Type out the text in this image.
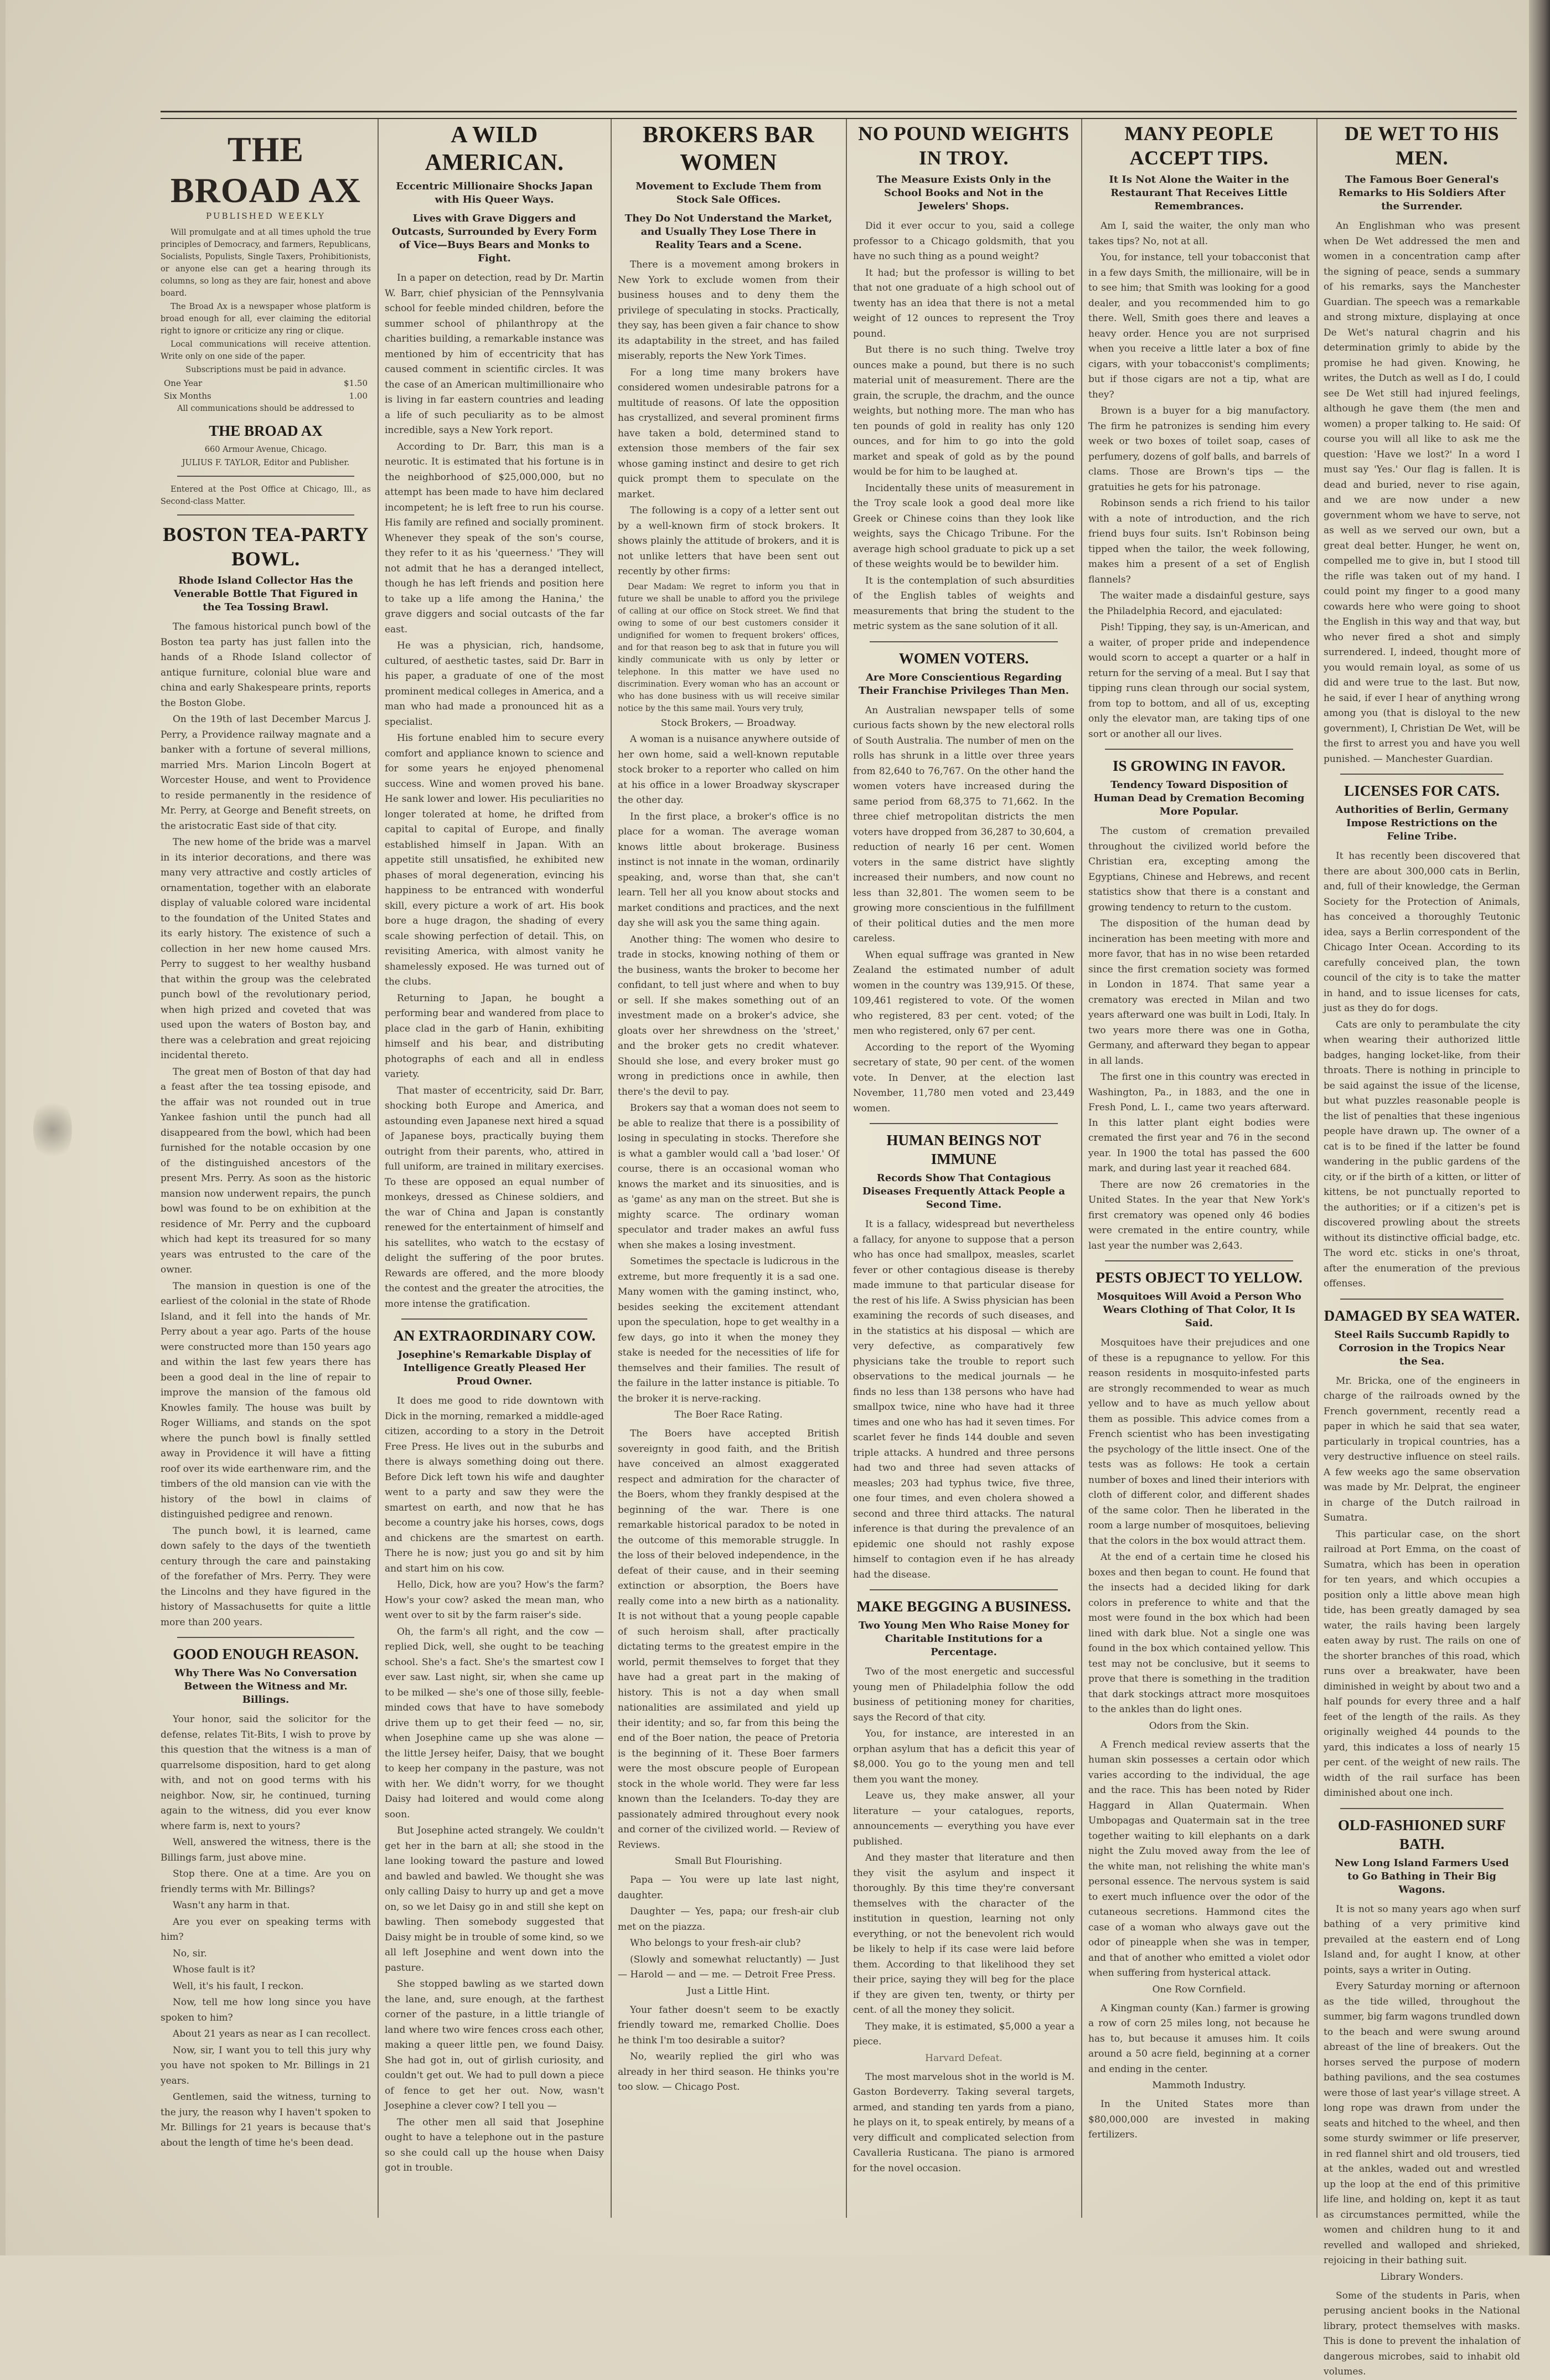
THE BROAD AX
PUBLISHED WEEKLY

Will promulgate and at all times uphold the true principles of Democracy, and farmers, Republicans, Socialists, Populists, Single Taxers, Prohibitionists, or anyone else can get a hearing through its columns, so long as they are fair, honest and above board.

The Broad Ax is a newspaper whose platform is broad enough for all, ever claiming the editorial right to ignore or criticize any ring or clique.

Local communications will receive attention. Write only on one side of the paper.

Subscriptions must be paid in advance.

One Year	$1.50
Six Months	1.00

All communications should be addressed to

THE BROAD AX

660 Armour Avenue, Chicago.

JULIUS F. TAYLOR, Editor and Publisher.

Entered at the Post Office at Chicago, Ill., as Second-class Matter.

BOSTON TEA-PARTY BOWL.
Rhode Island Collector Has the Venerable Bottle That Figured in the Tea Tossing Brawl.

The famous historical punch bowl of the Boston tea party has just fallen into the hands of a Rhode Island collector of antique furniture, colonial blue ware and china and early Shakespeare prints, reports the Boston Globe.

On the 19th of last December Marcus J. Perry, a Providence railway magnate and a banker with a fortune of several millions, married Mrs. Marion Lincoln Bogert at Worcester House, and went to Providence to reside permanently in the residence of Mr. Perry, at George and Benefit streets, on the aristocratic East side of that city.

The new home of the bride was a marvel in its interior decorations, and there was many very attractive and costly articles of ornamentation, together with an elaborate display of valuable colored ware incidental to the foundation of the United States and its early history. The existence of such a collection in her new home caused Mrs. Perry to suggest to her wealthy husband that within the group was the celebrated punch bowl of the revolutionary period, when high prized and coveted that was used upon the waters of Boston bay, and there was a celebration and great rejoicing incidental thereto.

The great men of Boston of that day had a feast after the tea tossing episode, and the affair was not rounded out in true Yankee fashion until the punch had all disappeared from the bowl, which had been furnished for the notable occasion by one of the distinguished ancestors of the present Mrs. Perry. As soon as the historic mansion now underwent repairs, the punch bowl was found to be on exhibition at the residence of Mr. Perry and the cupboard which had kept its treasured for so many years was entrusted to the care of the owner.

The mansion in question is one of the earliest of the colonial in the state of Rhode Island, and it fell into the hands of Mr. Perry about a year ago. Parts of the house were constructed more than 150 years ago and within the last few years there has been a good deal in the line of repair to improve the mansion of the famous old Knowles family. The house was built by Roger Williams, and stands on the spot where the punch bowl is finally settled away in Providence it will have a fitting roof over its wide earthenware rim, and the timbers of the old mansion can vie with the history of the bowl in claims of distinguished pedigree and renown.

The punch bowl, it is learned, came down safely to the days of the twentieth century through the care and painstaking of the forefather of Mrs. Perry. They were the Lincolns and they have figured in the history of Massachusetts for quite a little more than 200 years.

GOOD ENOUGH REASON.
Why There Was No Conversation Between the Witness and Mr. Billings.

Your honor, said the solicitor for the defense, relates Tit-Bits, I wish to prove by this question that the witness is a man of quarrelsome disposition, hard to get along with, and not on good terms with his neighbor. Now, sir, he continued, turning again to the witness, did you ever know where farm is, next to yours?

Well, answered the witness, there is the Billings farm, just above mine.

Stop there. One at a time. Are you on friendly terms with Mr. Billings?

Wasn't any harm in that.

Are you ever on speaking terms with him?

No, sir.

Whose fault is it?

Well, it's his fault, I reckon.

Now, tell me how long since you have spoken to him?

About 21 years as near as I can recollect.

Now, sir, I want you to tell this jury why you have not spoken to Mr. Billings in 21 years.

Gentlemen, said the witness, turning to the jury, the reason why I haven't spoken to Mr. Billings for 21 years is because that's about the length of time he's been dead.

A WILD AMERICAN.
Eccentric Millionaire Shocks Japan with His Queer Ways.
Lives with Grave Diggers and Outcasts, Surrounded by Every Form of Vice—Buys Bears and Monks to Fight.

In a paper on detection, read by Dr. Martin W. Barr, chief physician of the Pennsylvania school for feeble minded children, before the summer school of philanthropy at the charities building, a remarkable instance was mentioned by him of eccentricity that has caused comment in scientific circles. It was the case of an American multimillionaire who is living in far eastern countries and leading a life of such peculiarity as to be almost incredible, says a New York report.

According to Dr. Barr, this man is a neurotic. It is estimated that his fortune is in the neighborhood of $25,000,000, but no attempt has been made to have him declared incompetent; he is left free to run his course. His family are refined and socially prominent. Whenever they speak of the son's course, they refer to it as his 'queerness.' 'They will not admit that he has a deranged intellect, though he has left friends and position here to take up a life among the Hanina,' the grave diggers and social outcasts of the far east.

He was a physician, rich, handsome, cultured, of aesthetic tastes, said Dr. Barr in his paper, a graduate of one of the most prominent medical colleges in America, and a man who had made a pronounced hit as a specialist.

His fortune enabled him to secure every comfort and appliance known to science and for some years he enjoyed phenomenal success. Wine and women proved his bane. He sank lower and lower. His peculiarities no longer tolerated at home, he drifted from capital to capital of Europe, and finally established himself in Japan. With an appetite still unsatisfied, he exhibited new phases of moral degeneration, evincing his happiness to be entranced with wonderful skill, every picture a work of art. His book bore a huge dragon, the shading of every scale showing perfection of detail. This, on revisiting America, with almost vanity he shamelessly exposed. He was turned out of the clubs.

Returning to Japan, he bought a performing bear and wandered from place to place clad in the garb of Hanin, exhibiting himself and his bear, and distributing photographs of each and all in endless variety.

That master of eccentricity, said Dr. Barr, shocking both Europe and America, and astounding even Japanese next hired a squad of Japanese boys, practically buying them outright from their parents, who, attired in full uniform, are trained in military exercises. To these are opposed an equal number of monkeys, dressed as Chinese soldiers, and the war of China and Japan is constantly renewed for the entertainment of himself and his satellites, who watch to the ecstasy of delight the suffering of the poor brutes. Rewards are offered, and the more bloody the contest and the greater the atrocities, the more intense the gratification.

AN EXTRAORDINARY COW.
Josephine's Remarkable Display of Intelligence Greatly Pleased Her Proud Owner.

It does me good to ride downtown with Dick in the morning, remarked a middle-aged citizen, according to a story in the Detroit Free Press. He lives out in the suburbs and there is always something doing out there. Before Dick left town his wife and daughter went to a party and saw they were the smartest on earth, and now that he has become a country jake his horses, cows, dogs and chickens are the smartest on earth. There he is now; just you go and sit by him and start him on his cow.

Hello, Dick, how are you? How's the farm? How's your cow? asked the mean man, who went over to sit by the farm raiser's side.

Oh, the farm's all right, and the cow — replied Dick, well, she ought to be teaching school. She's a fact. She's the smartest cow I ever saw. Last night, sir, when she came up to be milked — she's one of those silly, feeble-minded cows that have to have somebody drive them up to get their feed — no, sir, when Josephine came up she was alone — the little Jersey heifer, Daisy, that we bought to keep her company in the pasture, was not with her. We didn't worry, for we thought Daisy had loitered and would come along soon.

But Josephine acted strangely. We couldn't get her in the barn at all; she stood in the lane looking toward the pasture and lowed and bawled and bawled. We thought she was only calling Daisy to hurry up and get a move on, so we let Daisy go in and still she kept on bawling. Then somebody suggested that Daisy might be in trouble of some kind, so we all left Josephine and went down into the pasture.

She stopped bawling as we started down the lane, and, sure enough, at the farthest corner of the pasture, in a little triangle of land where two wire fences cross each other, making a queer little pen, we found Daisy. She had got in, out of girlish curiosity, and couldn't get out. We had to pull down a piece of fence to get her out. Now, wasn't Josephine a clever cow? I tell you —

The other men all said that Josephine ought to have a telephone out in the pasture so she could call up the house when Daisy got in trouble.

BROKERS BAR WOMEN
Movement to Exclude Them from Stock Sale Offices.
They Do Not Understand the Market, and Usually They Lose There in Reality Tears and a Scene.

There is a movement among brokers in New York to exclude women from their business houses and to deny them the privilege of speculating in stocks. Practically, they say, has been given a fair chance to show its adaptability in the street, and has failed miserably, reports the New York Times.

For a long time many brokers have considered women undesirable patrons for a multitude of reasons. Of late the opposition has crystallized, and several prominent firms have taken a bold, determined stand to extension those members of the fair sex whose gaming instinct and desire to get rich quick prompt them to speculate on the market.

The following is a copy of a letter sent out by a well-known firm of stock brokers. It shows plainly the attitude of brokers, and it is not unlike letters that have been sent out recently by other firms:

Dear Madam: We regret to inform you that in future we shall be unable to afford you the privilege of calling at our office on Stock street. We find that owing to some of our best customers consider it undignified for women to frequent brokers' offices, and for that reason beg to ask that in future you will kindly communicate with us only by letter or telephone. In this matter we have used no discrimination. Every woman who has an account or who has done business with us will receive similar notice by the this same mail. Yours very truly,

Stock Brokers, — Broadway.

A woman is a nuisance anywhere outside of her own home, said a well-known reputable stock broker to a reporter who called on him at his office in a lower Broadway skyscraper the other day.

In the first place, a broker's office is no place for a woman. The average woman knows little about brokerage. Business instinct is not innate in the woman, ordinarily speaking, and, worse than that, she can't learn. Tell her all you know about stocks and market conditions and practices, and the next day she will ask you the same thing again.

Another thing: The women who desire to trade in stocks, knowing nothing of them or the business, wants the broker to become her confidant, to tell just where and when to buy or sell. If she makes something out of an investment made on a broker's advice, she gloats over her shrewdness on the 'street,' and the broker gets no credit whatever. Should she lose, and every broker must go wrong in predictions once in awhile, then there's the devil to pay.

Brokers say that a woman does not seem to be able to realize that there is a possibility of losing in speculating in stocks. Therefore she is what a gambler would call a 'bad loser.' Of course, there is an occasional woman who knows the market and its sinuosities, and is as 'game' as any man on the street. But she is mighty scarce. The ordinary woman speculator and trader makes an awful fuss when she makes a losing investment.

Sometimes the spectacle is ludicrous in the extreme, but more frequently it is a sad one. Many women with the gaming instinct, who, besides seeking the excitement attendant upon the speculation, hope to get wealthy in a few days, go into it when the money they stake is needed for the necessities of life for themselves and their families. The result of the failure in the latter instance is pitiable. To the broker it is nerve-racking.

The Boer Race Rating.

The Boers have accepted British sovereignty in good faith, and the British have conceived an almost exaggerated respect and admiration for the character of the Boers, whom they frankly despised at the beginning of the war. There is one remarkable historical paradox to be noted in the outcome of this memorable struggle. In the loss of their beloved independence, in the defeat of their cause, and in their seeming extinction or absorption, the Boers have really come into a new birth as a nationality. It is not without that a young people capable of such heroism shall, after practically dictating terms to the greatest empire in the world, permit themselves to forget that they have had a great part in the making of history. This is not a day when small nationalities are assimilated and yield up their identity; and so, far from this being the end of the Boer nation, the peace of Pretoria is the beginning of it. These Boer farmers were the most obscure people of European stock in the whole world. They were far less known than the Icelanders. To-day they are passionately admired throughout every nook and corner of the civilized world. — Review of Reviews.

Small But Flourishing.

Papa — You were up late last night, daughter.

Daughter — Yes, papa; our fresh-air club met on the piazza.

Who belongs to your fresh-air club?

(Slowly and somewhat reluctantly) — Just — Harold — and — me. — Detroit Free Press.

Just a Little Hint.

Your father doesn't seem to be exactly friendly toward me, remarked Chollie. Does he think I'm too desirable a suitor?

No, wearily replied the girl who was already in her third season. He thinks you're too slow. — Chicago Post.

NO POUND WEIGHTS IN TROY.
The Measure Exists Only in the School Books and Not in the Jewelers' Shops.

Did it ever occur to you, said a college professor to a Chicago goldsmith, that you have no such thing as a pound weight?

It had; but the professor is willing to bet that not one graduate of a high school out of twenty has an idea that there is not a metal weight of 12 ounces to represent the Troy pound.

But there is no such thing. Twelve troy ounces make a pound, but there is no such material unit of measurement. There are the grain, the scruple, the drachm, and the ounce weights, but nothing more. The man who has ten pounds of gold in reality has only 120 ounces, and for him to go into the gold market and speak of gold as by the pound would be for him to be laughed at.

Incidentally these units of measurement in the Troy scale look a good deal more like Greek or Chinese coins than they look like weights, says the Chicago Tribune. For the average high school graduate to pick up a set of these weights would be to bewilder him.

It is the contemplation of such absurdities of the English tables of weights and measurements that bring the student to the metric system as the sane solution of it all.

WOMEN VOTERS.
Are More Conscientious Regarding Their Franchise Privileges Than Men.

An Australian newspaper tells of some curious facts shown by the new electoral rolls of South Australia. The number of men on the rolls has shrunk in a little over three years from 82,640 to 76,767. On the other hand the women voters have increased during the same period from 68,375 to 71,662. In the three chief metropolitan districts the men voters have dropped from 36,287 to 30,604, a reduction of nearly 16 per cent. Women voters in the same district have slightly increased their numbers, and now count no less than 32,801. The women seem to be growing more conscientious in the fulfillment of their political duties and the men more careless.

When equal suffrage was granted in New Zealand the estimated number of adult women in the country was 139,915. Of these, 109,461 registered to vote. Of the women who registered, 83 per cent. voted; of the men who registered, only 67 per cent.

According to the report of the Wyoming secretary of state, 90 per cent. of the women vote. In Denver, at the election last November, 11,780 men voted and 23,449 women.

HUMAN BEINGS NOT IMMUNE
Records Show That Contagious Diseases Frequently Attack People a Second Time.

It is a fallacy, widespread but nevertheless a fallacy, for anyone to suppose that a person who has once had smallpox, measles, scarlet fever or other contagious disease is thereby made immune to that particular disease for the rest of his life. A Swiss physician has been examining the records of such diseases, and in the statistics at his disposal — which are very defective, as comparatively few physicians take the trouble to report such observations to the medical journals — he finds no less than 138 persons who have had smallpox twice, nine who have had it three times and one who has had it seven times. For scarlet fever he finds 144 double and seven triple attacks. A hundred and three persons had two and three had seven attacks of measles; 203 had typhus twice, five three, one four times, and even cholera showed a second and three third attacks. The natural inference is that during the prevalence of an epidemic one should not rashly expose himself to contagion even if he has already had the disease.

MAKE BEGGING A BUSINESS.
Two Young Men Who Raise Money for Charitable Institutions for a Percentage.

Two of the most energetic and successful young men of Philadelphia follow the odd business of petitioning money for charities, says the Record of that city.

You, for instance, are interested in an orphan asylum that has a deficit this year of $8,000. You go to the young men and tell them you want the money.

Leave us, they make answer, all your literature — your catalogues, reports, announcements — everything you have ever published.

And they master that literature and then they visit the asylum and inspect it thoroughly. By this time they're conversant themselves with the character of the institution in question, learning not only everything, or not the benevolent rich would be likely to help if its case were laid before them. According to that likelihood they set their price, saying they will beg for the place if they are given ten, twenty, or thirty per cent. of all the money they solicit.

They make, it is estimated, $5,000 a year a piece.

Harvard Defeat.

The most marvelous shot in the world is M. Gaston Bordeverry. Taking several targets, armed, and standing ten yards from a piano, he plays on it, to speak entirely, by means of a very difficult and complicated selection from Cavalleria Rusticana. The piano is armored for the novel occasion.

MANY PEOPLE ACCEPT TIPS.
It Is Not Alone the Waiter in the Restaurant That Receives Little Remembrances.

Am I, said the waiter, the only man who takes tips? No, not at all.

You, for instance, tell your tobacconist that in a few days Smith, the millionaire, will be in to see him; that Smith was looking for a good dealer, and you recommended him to go there. Well, Smith goes there and leaves a heavy order. Hence you are not surprised when you receive a little later a box of fine cigars, with your tobacconist's compliments; but if those cigars are not a tip, what are they?

Brown is a buyer for a big manufactory. The firm he patronizes is sending him every week or two boxes of toilet soap, cases of perfumery, dozens of golf balls, and barrels of clams. Those are Brown's tips — the gratuities he gets for his patronage.

Robinson sends a rich friend to his tailor with a note of introduction, and the rich friend buys four suits. Isn't Robinson being tipped when the tailor, the week following, makes him a present of a set of English flannels?

The waiter made a disdainful gesture, says the Philadelphia Record, and ejaculated:

Pish! Tipping, they say, is un-American, and a waiter, of proper pride and independence would scorn to accept a quarter or a half in return for the serving of a meal. But I say that tipping runs clean through our social system, from top to bottom, and all of us, excepting only the elevator man, are taking tips of one sort or another all our lives.

IS GROWING IN FAVOR.
Tendency Toward Disposition of Human Dead by Cremation Becoming More Popular.

The custom of cremation prevailed throughout the civilized world before the Christian era, excepting among the Egyptians, Chinese and Hebrews, and recent statistics show that there is a constant and growing tendency to return to the custom.

The disposition of the human dead by incineration has been meeting with more and more favor, that has in no wise been retarded since the first cremation society was formed in London in 1874. That same year a crematory was erected in Milan and two years afterward one was built in Lodi, Italy. In two years more there was one in Gotha, Germany, and afterward they began to appear in all lands.

The first one in this country was erected in Washington, Pa., in 1883, and the one in Fresh Pond, L. I., came two years afterward. In this latter plant eight bodies were cremated the first year and 76 in the second year. In 1900 the total has passed the 600 mark, and during last year it reached 684.

There are now 26 crematories in the United States. In the year that New York's first crematory was opened only 46 bodies were cremated in the entire country, while last year the number was 2,643.

PESTS OBJECT TO YELLOW.
Mosquitoes Will Avoid a Person Who Wears Clothing of That Color, It Is Said.

Mosquitoes have their prejudices and one of these is a repugnance to yellow. For this reason residents in mosquito-infested parts are strongly recommended to wear as much yellow and to have as much yellow about them as possible. This advice comes from a French scientist who has been investigating the psychology of the little insect. One of the tests was as follows: He took a certain number of boxes and lined their interiors with cloth of different color, and different shades of the same color. Then he liberated in the room a large number of mosquitoes, believing that the colors in the box would attract them.

At the end of a certain time he closed his boxes and then began to count. He found that the insects had a decided liking for dark colors in preference to white and that the most were found in the box which had been lined with dark blue. Not a single one was found in the box which contained yellow. This test may not be conclusive, but it seems to prove that there is something in the tradition that dark stockings attract more mosquitoes to the ankles than do light ones.

Odors from the Skin.

A French medical review asserts that the human skin possesses a certain odor which varies according to the individual, the age and the race. This has been noted by Rider Haggard in Allan Quatermain. When Umbopagas and Quatermain sat in the tree together waiting to kill elephants on a dark night the Zulu moved away from the lee of the white man, not relishing the white man's personal essence. The nervous system is said to exert much influence over the odor of the cutaneous secretions. Hammond cites the case of a woman who always gave out the odor of pineapple when she was in temper, and that of another who emitted a violet odor when suffering from hysterical attack.

One Row Cornfield.

A Kingman county (Kan.) farmer is growing a row of corn 25 miles long, not because he has to, but because it amuses him. It coils around a 50 acre field, beginning at a corner and ending in the center.

Mammoth Industry.

In the United States more than $80,000,000 are invested in making fertilizers.

DE WET TO HIS MEN.
The Famous Boer General's Remarks to His Soldiers After the Surrender.

An Englishman who was present when De Wet addressed the men and women in a concentration camp after the signing of peace, sends a summary of his remarks, says the Manchester Guardian. The speech was a remarkable and strong mixture, displaying at once De Wet's natural chagrin and his determination grimly to abide by the promise he had given. Knowing, he writes, the Dutch as well as I do, I could see De Wet still had injured feelings, although he gave them (the men and women) a proper talking to. He said: Of course you will all like to ask me the question: 'Have we lost?' In a word I must say 'Yes.' Our flag is fallen. It is dead and buried, never to rise again, and we are now under a new government whom we have to serve, not as well as we served our own, but a great deal better. Hunger, he went on, compelled me to give in, but I stood till the rifle was taken out of my hand. I could point my finger to a good many cowards here who were going to shoot the English in this way and that way, but who never fired a shot and simply surrendered. I, indeed, thought more of you would remain loyal, as some of us did and were true to the last. But now, he said, if ever I hear of anything wrong among you (that is disloyal to the new government), I, Christian De Wet, will be the first to arrest you and have you well punished. — Manchester Guardian.

LICENSES FOR CATS.
Authorities of Berlin, Germany Impose Restrictions on the Feline Tribe.

It has recently been discovered that there are about 300,000 cats in Berlin, and, full of their knowledge, the German Society for the Protection of Animals, has conceived a thoroughly Teutonic idea, says a Berlin correspondent of the Chicago Inter Ocean. According to its carefully conceived plan, the town council of the city is to take the matter in hand, and to issue licenses for cats, just as they do for dogs.

Cats are only to perambulate the city when wearing their authorized little badges, hanging locket-like, from their throats. There is nothing in principle to be said against the issue of the license, but what puzzles reasonable people is the list of penalties that these ingenious people have drawn up. The owner of a cat is to be fined if the latter be found wandering in the public gardens of the city, or if the birth of a kitten, or litter of kittens, be not punctually reported to the authorities; or if a citizen's pet is discovered prowling about the streets without its distinctive official badge, etc. The word etc. sticks in one's throat, after the enumeration of the previous offenses.

DAMAGED BY SEA WATER.
Steel Rails Succumb Rapidly to Corrosion in the Tropics Near the Sea.

Mr. Bricka, one of the engineers in charge of the railroads owned by the French government, recently read a paper in which he said that sea water, particularly in tropical countries, has a very destructive influence on steel rails. A few weeks ago the same observation was made by Mr. Delprat, the engineer in charge of the Dutch railroad in Sumatra.

This particular case, on the short railroad at Port Emma, on the coast of Sumatra, which has been in operation for ten years, and which occupies a position only a little above mean high tide, has been greatly damaged by sea water, the rails having been largely eaten away by rust. The rails on one of the shorter branches of this road, which runs over a breakwater, have been diminished in weight by about two and a half pounds for every three and a half feet of the length of the rails. As they originally weighed 44 pounds to the yard, this indicates a loss of nearly 15 per cent. of the weight of new rails. The width of the rail surface has been diminished about one inch.

OLD-FASHIONED SURF BATH.
New Long Island Farmers Used to Go Bathing in Their Big Wagons.

It is not so many years ago when surf bathing of a very primitive kind prevailed at the eastern end of Long Island and, for aught I know, at other points, says a writer in Outing.

Every Saturday morning or afternoon as the tide willed, throughout the summer, big farm wagons trundled down to the beach and were swung around abreast of the line of breakers. Out the horses served the purpose of modern bathing pavilions, and the sea costumes were those of last year's village street. A long rope was drawn from under the seats and hitched to the wheel, and then some sturdy swimmer or life preserver, in red flannel shirt and old trousers, tied at the ankles, waded out and wrestled up the loop at the end of this primitive life line, and holding on, kept it as taut as circumstances permitted, while the women and children hung to it and revelled and walloped and shrieked, rejoicing in their bathing suit.

Library Wonders.

Some of the students in Paris, when perusing ancient books in the National library, protect themselves with masks. This is done to prevent the inhalation of dangerous microbes, said to inhabit old volumes.
